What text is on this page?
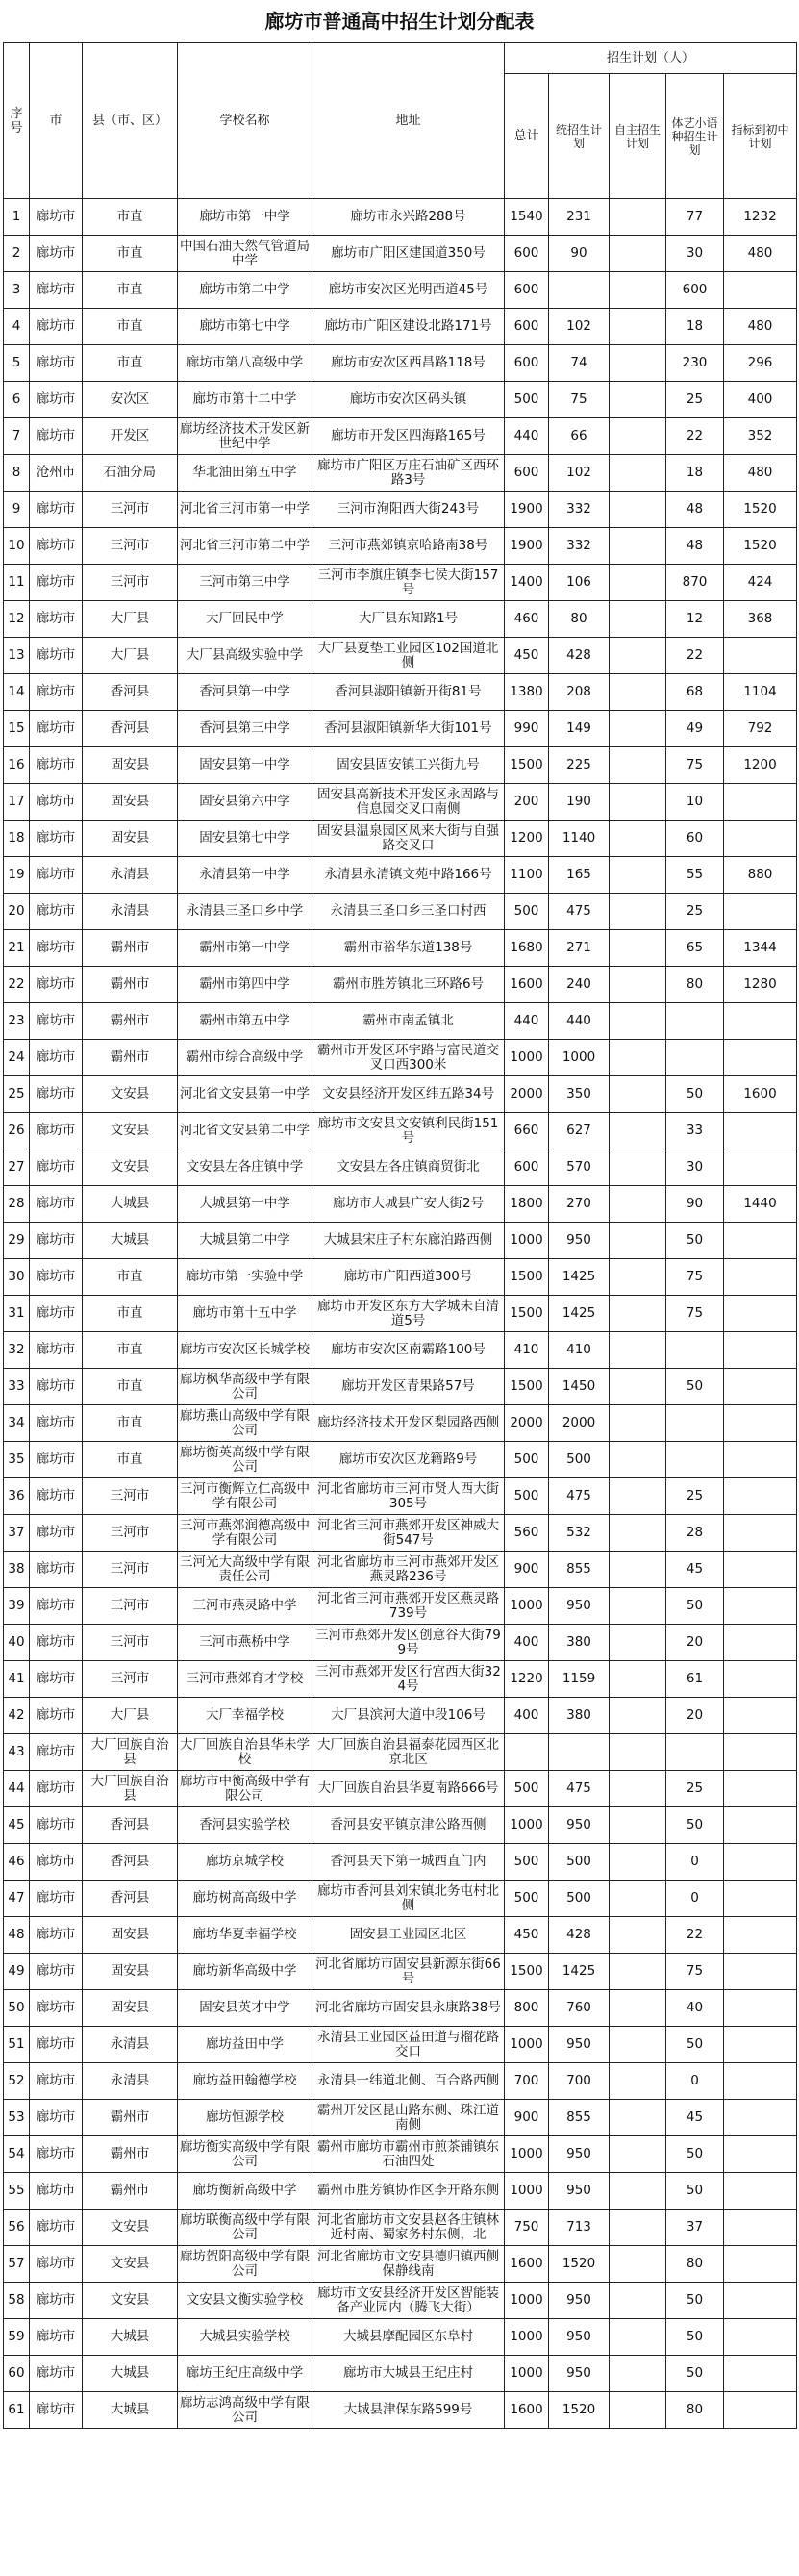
廊坊市普通高中招生计划分配表
序号	市	县（市、区）	学校名称	地址	招生计划（人）				
					总计	统招生计划	自主招生计划	体艺小语种招生计划	指标到初中计划
1	廊坊市	市直	廊坊市第一中学	廊坊市永兴路288号	1540	231		77	1232
2	廊坊市	市直	中国石油天然气管道局中学	廊坊市广阳区建国道350号	600	90		30	480
3	廊坊市	市直	廊坊市第二中学	廊坊市安次区光明西道45号	600			600	
4	廊坊市	市直	廊坊市第七中学	廊坊市广阳区建设北路171号	600	102		18	480
5	廊坊市	市直	廊坊市第八高级中学	廊坊市安次区西昌路118号	600	74		230	296
6	廊坊市	安次区	廊坊市第十二中学	廊坊市安次区码头镇	500	75		25	400
7	廊坊市	开发区	廊坊经济技术开发区新世纪中学	廊坊市开发区四海路165号	440	66		22	352
8	沧州市	石油分局	华北油田第五中学	廊坊市广阳区万庄石油矿区西环路3号	600	102		18	480
9	廊坊市	三河市	河北省三河市第一中学	三河市洵阳西大街243号	1900	332		48	1520
10	廊坊市	三河市	河北省三河市第二中学	三河市燕郊镇京哈路南38号	1900	332		48	1520
11	廊坊市	三河市	三河市第三中学	三河市李旗庄镇李七侯大街157号	1400	106		870	424
12	廊坊市	大厂县	大厂回民中学	大厂县东知路1号	460	80		12	368
13	廊坊市	大厂县	大厂县高级实验中学	大厂县夏垫工业园区102国道北侧	450	428		22	
14	廊坊市	香河县	香河县第一中学	香河县淑阳镇新开街81号	1380	208		68	1104
15	廊坊市	香河县	香河县第三中学	香河县淑阳镇新华大街101号	990	149		49	792
16	廊坊市	固安县	固安县第一中学	固安县固安镇工兴街九号	1500	225		75	1200
17	廊坊市	固安县	固安县第六中学	固安县高新技术开发区永固路与信息园交叉口南侧	200	190		10	
18	廊坊市	固安县	固安县第七中学	固安县温泉园区凤来大街与自强路交叉口	1200	1140		60	
19	廊坊市	永清县	永清县第一中学	永清县永清镇文苑中路166号	1100	165		55	880
20	廊坊市	永清县	永清县三圣口乡中学	永清县三圣口乡三圣口村西	500	475		25	
21	廊坊市	霸州市	霸州市第一中学	霸州市裕华东道138号	1680	271		65	1344
22	廊坊市	霸州市	霸州市第四中学	霸州市胜芳镇北三环路6号	1600	240		80	1280
23	廊坊市	霸州市	霸州市第五中学	霸州市南孟镇北	440	440			
24	廊坊市	霸州市	霸州市综合高级中学	霸州市开发区环宇路与富民道交叉口西300米	1000	1000			
25	廊坊市	文安县	河北省文安县第一中学	文安县经济开发区纬五路34号	2000	350		50	1600
26	廊坊市	文安县	河北省文安县第二中学	廊坊市文安县文安镇利民街151号	660	627		33	
27	廊坊市	文安县	文安县左各庄镇中学	文安县左各庄镇商贸街北	600	570		30	
28	廊坊市	大城县	大城县第一中学	廊坊市大城县广安大街2号	1800	270		90	1440
29	廊坊市	大城县	大城县第二中学	大城县宋庄子村东廊泊路西侧	1000	950		50	
30	廊坊市	市直	廊坊市第一实验中学	廊坊市广阳西道300号	1500	1425		75	
31	廊坊市	市直	廊坊市第十五中学	廊坊市开发区东方大学城未自清道5号	1500	1425		75	
32	廊坊市	市直	廊坊市安次区长城学校	廊坊市安次区南霸路100号	410	410			
33	廊坊市	市直	廊坊枫华高级中学有限公司	廊坊开发区青果路57号	1500	1450		50	
34	廊坊市	市直	廊坊燕山高级中学有限公司	廊坊经济技术开发区梨园路西侧	2000	2000			
35	廊坊市	市直	廊坊衡英高级中学有限公司	廊坊市安次区龙籍路9号	500	500			
36	廊坊市	三河市	三河市衡辉立仁高级中学有限公司	河北省廊坊市三河市贤人西大街305号	500	475		25	
37	廊坊市	三河市	三河市燕郊润德高级中学有限公司	河北省三河市燕郊开发区神威大街547号	560	532		28	
38	廊坊市	三河市	三河光大高级中学有限责任公司	河北省廊坊市三河市燕郊开发区燕灵路236号	900	855		45	
39	廊坊市	三河市	三河市燕灵路中学	河北省三河市燕郊开发区燕灵路739号	1000	950		50	
40	廊坊市	三河市	三河市燕桥中学	三河市燕郊开发区创意谷大街799号	400	380		20	
41	廊坊市	三河市	三河市燕郊育才学校	三河市燕郊开发区行宫西大街324号	1220	1159		61	
42	廊坊市	大厂县	大厂幸福学校	大厂县滨河大道中段106号	400	380		20	
43	廊坊市	大厂回族自治县	大厂回族自治县华未学校	大厂回族自治县福泰花园西区北京北区					
44	廊坊市	大厂回族自治县	廊坊市中衡高级中学有限公司	大厂回族自治县华夏南路666号	500	475		25	
45	廊坊市	香河县	香河县实验学校	香河县安平镇京津公路西侧	1000	950		50	
46	廊坊市	香河县	廊坊京城学校	香河县天下第一城西直门内	500	500		0	
47	廊坊市	香河县	廊坊树高高级中学	廊坊市香河县刘宋镇北务屯村北侧	500	500		0	
48	廊坊市	固安县	廊坊华夏幸福学校	固安县工业园区北区	450	428		22	
49	廊坊市	固安县	廊坊新华高级中学	河北省廊坊市固安县新源东街66号	1500	1425		75	
50	廊坊市	固安县	固安县英才中学	河北省廊坊市固安县永康路38号	800	760		40	
51	廊坊市	永清县	廊坊益田中学	永清县工业园区益田道与榴花路交口	1000	950		50	
52	廊坊市	永清县	廊坊益田翰德学校	永清县一纬道北侧、百合路西侧	700	700		0	
53	廊坊市	霸州市	廊坊恒源学校	霸州开发区昆山路东侧、珠江道南侧	900	855		45	
54	廊坊市	霸州市	廊坊衡实高级中学有限公司	霸州市廊坊市霸州市煎茶铺镇东石油四处	1000	950		50	
55	廊坊市	霸州市	廊坊衡新高级中学	霸州市胜芳镇协作区李开路东侧	1000	950		50	
56	廊坊市	文安县	廊坊联衡高级中学有限公司	河北省廊坊市文安县赵各庄镇林近村南、蜀家务村东侧，北	750	713		37	
57	廊坊市	文安县	廊坊贺阳高级中学有限公司	河北省廊坊市文安县德归镇西侧保静线南	1600	1520		80	
58	廊坊市	文安县	文安县文衡实验学校	廊坊市文安县经济开发区智能装备产业园内（腾飞大街）	1000	950		50	
59	廊坊市	大城县	大城县实验学校	大城县摩配园区东阜村	1000	950		50	
60	廊坊市	大城县	廊坊王纪庄高级中学	廊坊市大城县王纪庄村	1000	950		50	
61	廊坊市	大城县	廊坊志鸿高级中学有限公司	大城县津保东路599号	1600	1520		80	
